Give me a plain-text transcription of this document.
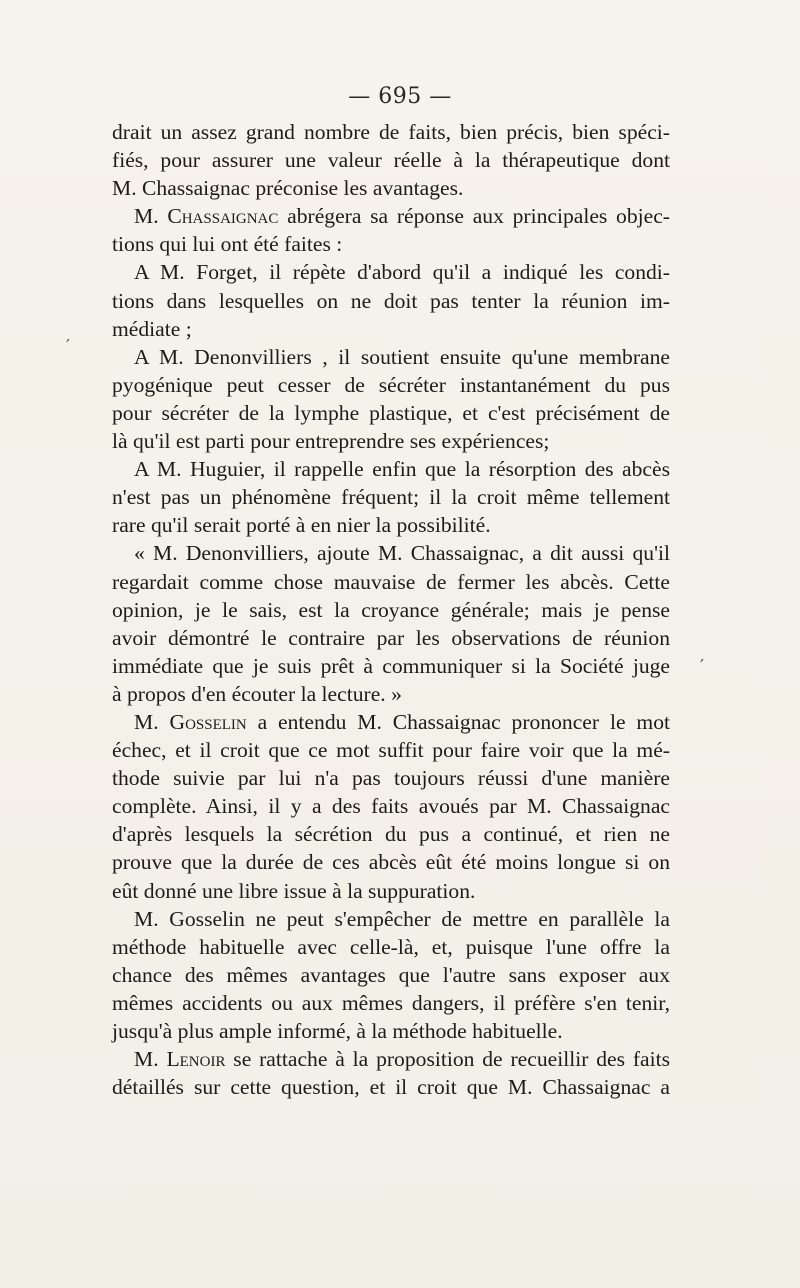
— 695 —
′
′
drait un assez grand nombre de faits, bien précis, bien spéci-
fiés, pour assurer une valeur réelle à la thérapeutique dont
M. Chassaignac préconise les avantages.
M. Chassaignac abrégera sa réponse aux principales objec-
tions qui lui ont été faites :
A M. Forget, il répète d'abord qu'il a indiqué les condi-
tions dans lesquelles on ne doit pas tenter la réunion im-
médiate ;
A M. Denonvilliers , il soutient ensuite qu'une membrane
pyogénique peut cesser de sécréter instantanément du pus
pour sécréter de la lymphe plastique, et c'est précisément de
là qu'il est parti pour entreprendre ses expériences;
A M. Huguier, il rappelle enfin que la résorption des abcès
n'est pas un phénomène fréquent; il la croit même tellement
rare qu'il serait porté à en nier la possibilité.
« M. Denonvilliers, ajoute M. Chassaignac, a dit aussi qu'il
regardait comme chose mauvaise de fermer les abcès. Cette
opinion, je le sais, est la croyance générale; mais je pense
avoir démontré le contraire par les observations de réunion
immédiate que je suis prêt à communiquer si la Société juge
à propos d'en écouter la lecture. »
M. Gosselin a entendu M. Chassaignac prononcer le mot
échec, et il croit que ce mot suffit pour faire voir que la mé-
thode suivie par lui n'a pas toujours réussi d'une manière
complète. Ainsi, il y a des faits avoués par M. Chassaignac
d'après lesquels la sécrétion du pus a continué, et rien ne
prouve que la durée de ces abcès eût été moins longue si on
eût donné une libre issue à la suppuration.
M. Gosselin ne peut s'empêcher de mettre en parallèle la
méthode habituelle avec celle-là, et, puisque l'une offre la
chance des mêmes avantages que l'autre sans exposer aux
mêmes accidents ou aux mêmes dangers, il préfère s'en tenir,
jusqu'à plus ample informé, à la méthode habituelle.
M. Lenoir se rattache à la proposition de recueillir des faits
détaillés sur cette question, et il croit que M. Chassaignac a
